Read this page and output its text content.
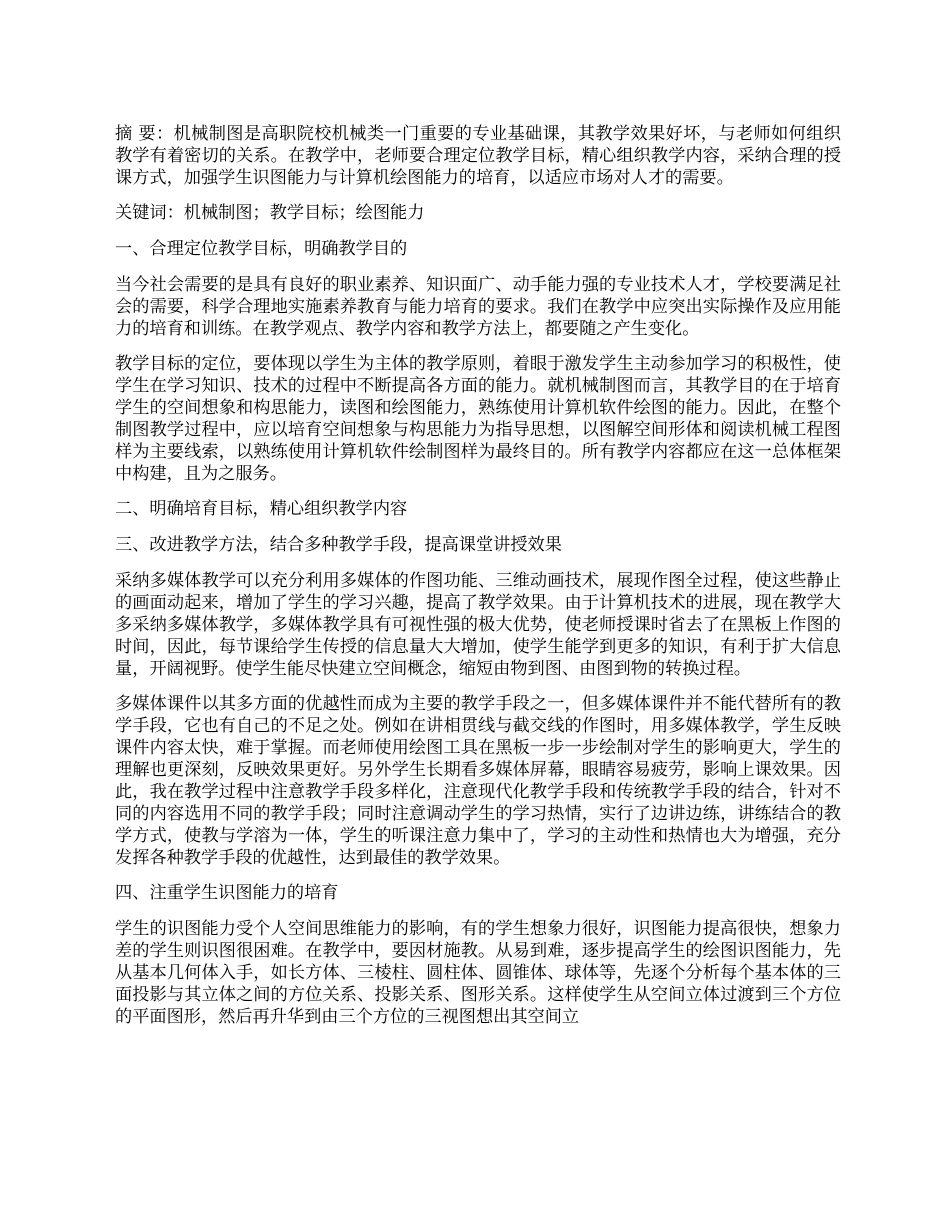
摘 要：机械制图是高职院校机械类一门重要的专业基础课，其教学效果好坏，与老师如何组织教学有着密切的关系。在教学中，老师要合理定位教学目标，精心组织教学内容，采纳合理的授课方式，加强学生识图能力与计算机绘图能力的培育，以适应市场对人才的需要。

关键词：机械制图；教学目标；绘图能力

一、合理定位教学目标，明确教学目的

当今社会需要的是具有良好的职业素养、知识面广、动手能力强的专业技术人才，学校要满足社会的需要，科学合理地实施素养教育与能力培育的要求。我们在教学中应突出实际操作及应用能力的培育和训练。在教学观点、教学内容和教学方法上，都要随之产生变化。

教学目标的定位，要体现以学生为主体的教学原则，着眼于激发学生主动参加学习的积极性，使学生在学习知识、技术的过程中不断提高各方面的能力。就机械制图而言，其教学目的在于培育学生的空间想象和构思能力，读图和绘图能力，熟练使用计算机软件绘图的能力。因此，在整个制图教学过程中，应以培育空间想象与构思能力为指导思想，以图解空间形体和阅读机械工程图样为主要线索，以熟练使用计算机软件绘制图样为最终目的。所有教学内容都应在这一总体框架中构建，且为之服务。

二、明确培育目标，精心组织教学内容

三、改进教学方法，结合多种教学手段，提高课堂讲授效果

采纳多媒体教学可以充分利用多媒体的作图功能、三维动画技术，展现作图全过程，使这些静止的画面动起来，增加了学生的学习兴趣，提高了教学效果。由于计算机技术的进展，现在教学大多采纳多媒体教学，多媒体教学具有可视性强的极大优势，使老师授课时省去了在黑板上作图的时间，因此，每节课给学生传授的信息量大大增加，使学生能学到更多的知识，有利于扩大信息量，开阔视野。使学生能尽快建立空间概念，缩短由物到图、由图到物的转换过程。

多媒体课件以其多方面的优越性而成为主要的教学手段之一，但多媒体课件并不能代替所有的教学手段，它也有自己的不足之处。例如在讲相贯线与截交线的作图时，用多媒体教学，学生反映课件内容太快，难于掌握。而老师使用绘图工具在黑板一步一步绘制对学生的影响更大，学生的理解也更深刻，反映效果更好。另外学生长期看多媒体屏幕，眼睛容易疲劳，影响上课效果。因此，我在教学过程中注意教学手段多样化，注意现代化教学手段和传统教学手段的结合，针对不同的内容选用不同的教学手段；同时注意调动学生的学习热情，实行了边讲边练，讲练结合的教学方式，使教与学溶为一体，学生的听课注意力集中了，学习的主动性和热情也大为增强，充分发挥各种教学手段的优越性，达到最佳的教学效果。

四、注重学生识图能力的培育

学生的识图能力受个人空间思维能力的影响，有的学生想象力很好，识图能力提高很快，想象力差的学生则识图很困难。在教学中，要因材施教。从易到难，逐步提高学生的绘图识图能力，先从基本几何体入手，如长方体、三棱柱、圆柱体、圆锥体、球体等，先逐个分析每个基本体的三面投影与其立体之间的方位关系、投影关系、图形关系。这样使学生从空间立体过渡到三个方位的平面图形，然后再升华到由三个方位的三视图想出其空间立
